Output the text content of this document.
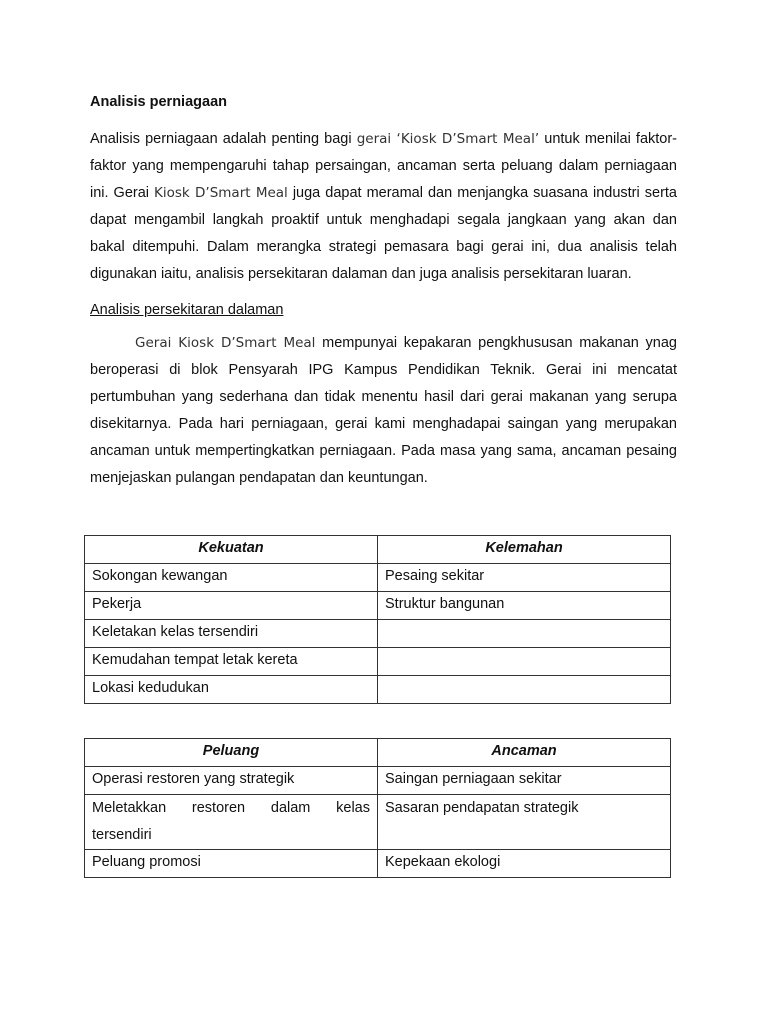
Analisis perniagaan

Analisis perniagaan adalah penting bagi gerai ‘Kiosk D’Smart Meal’ untuk menilai faktor-faktor yang mempengaruhi tahap persaingan, ancaman serta peluang dalam perniagaan ini. Gerai Kiosk D’Smart Meal juga dapat meramal dan menjangka suasana industri serta dapat mengambil langkah proaktif untuk menghadapi segala jangkaan yang akan dan bakal ditempuhi. Dalam merangka strategi pemasara bagi gerai ini, dua analisis telah digunakan iaitu, analisis persekitaran dalaman dan juga analisis persekitaran luaran.

Analisis persekitaran dalaman

Gerai Kiosk D’Smart Meal mempunyai kepakaran pengkhususan makanan ynag beroperasi di blok Pensyarah IPG Kampus Pendidikan Teknik. Gerai ini mencatat pertumbuhan yang sederhana dan tidak menentu hasil dari gerai makanan yang serupa disekitarnya. Pada hari perniagaan, gerai kami menghadapai saingan yang merupakan ancaman untuk mempertingkatkan perniagaan. Pada masa yang sama, ancaman pesaing menjejaskan pulangan pendapatan dan keuntungan.

Kekuatan	Kelemahan
Sokongan kewangan	Pesaing sekitar
Pekerja	Struktur bangunan
Keletakan kelas tersendiri	
Kemudahan tempat letak kereta	
Lokasi kedudukan	
Peluang	Ancaman
Operasi restoren yang strategik	Saingan perniagaan sekitar

Meletakkan restoren dalam kelas
tersendiri	Sasaran pendapatan strategik
Peluang promosi	Kepekaan ekologi
